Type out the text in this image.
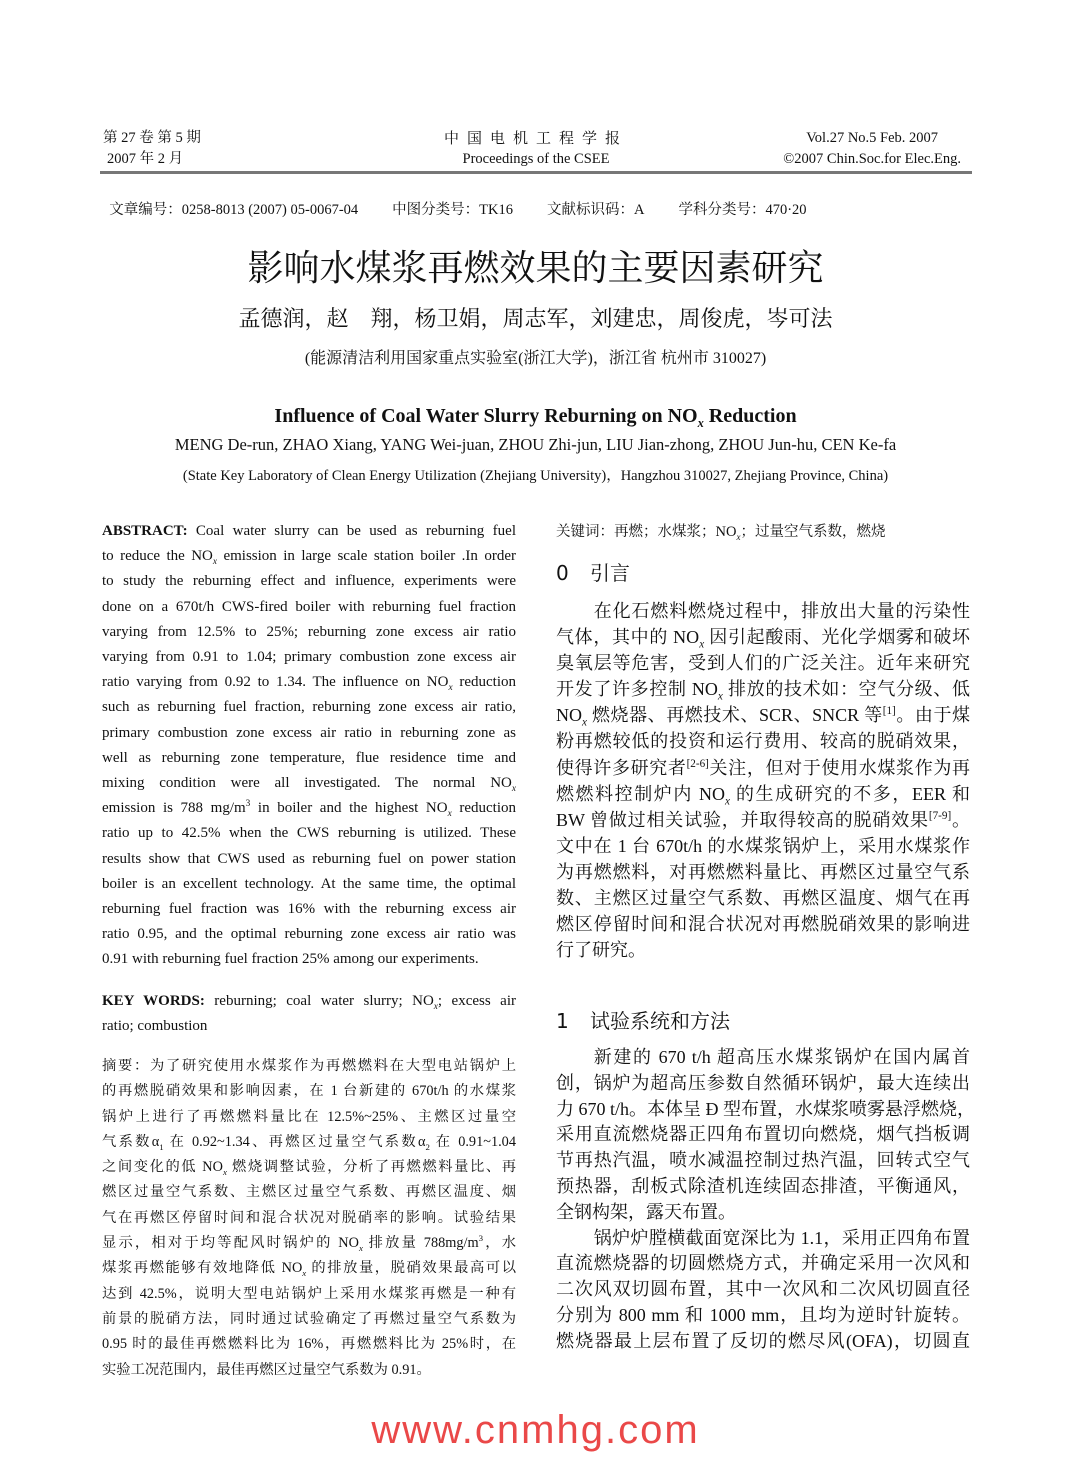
第 27 卷 第 5 期
2007 年 2 月
中国电机工程学报
Proceedings of the CSEE
Vol.27 No.5 Feb. 2007
©2007 Chin.Soc.for Elec.Eng.

文章编号：0258-8013 (2007) 05-0067-04 中图分类号：TK16 文献标识码：A 学科分类号：470·20

影响水煤浆再燃效果的主要因素研究
孟德润，赵　翔，杨卫娟，周志军，刘建忠，周俊虎，岑可法
(能源清洁利用国家重点实验室(浙江大学)，浙江省 杭州市 310027)
Influence of Coal Water Slurry Reburning on $NO_x$ Reduction
MENG De-run, ZHAO Xiang, YANG Wei-juan, ZHOU Zhi-jun, LIU Jian-zhong, ZHOU Jun-hu, CEN Ke-fa
(State Key Laboratory of Clean Energy Utilization (Zhejiang University)，Hangzhou 310027, Zhejiang Province, China)
ABSTRACT: Coal water slurry can be used as reburning fuel
to reduce the $NO_x$ emission in large scale station boiler .In order
to study the reburning effect and influence, experiments were
done on a 670t/h CWS-fired boiler with reburning fuel fraction
varying from 12.5% to 25%; reburning zone excess air ratio
varying from 0.91 to 1.04; primary combustion zone excess air
ratio varying from 0.92 to 1.34. The influence on $NO_x$ reduction
such as reburning fuel fraction, reburning zone excess air ratio,
primary combustion zone excess air ratio in reburning zone as
well as reburning zone temperature, flue residence time and
mixing condition were all investigated. The normal $NO_x$
emission is 788 $mg/m^3$ in boiler and the highest $NO_x$ reduction
ratio up to 42.5% when the CWS reburning is utilized. These
results show that CWS used as reburning fuel on power station
boiler is an excellent technology. At the same time, the optimal
reburning fuel fraction was 16% with the reburning excess air
ratio 0.95, and the optimal reburning zone excess air ratio was
0.91 with reburning fuel fraction 25% among our experiments.
KEY WORDS: reburning; coal water slurry; $NO_x$; excess air
ratio; combustion
摘要：为了研究使用水煤浆作为再燃燃料在大型电站锅炉上
的再燃脱硝效果和影响因素，在 1 台新建的 670t/h 的水煤浆
锅炉上进行了再燃燃料量比在 12.5%~25%、主燃区过量空
气系数$\alpha_1$ 在 0.92~1.34、再燃区过量空气系数$\alpha_2$ 在 0.91~1.04
之间变化的低 $NO_x$ 燃烧调整试验，分析了再燃燃料量比、再
燃区过量空气系数、主燃区过量空气系数、再燃区温度、烟
气在再燃区停留时间和混合状况对脱硝率的影响。试验结果
显示，相对于均等配风时锅炉的 $NO_x$ 排放量 $788mg/m^3$，水
煤浆再燃能够有效地降低 $NO_x$ 的排放量，脱硝效果最高可以
达到 42.5%，说明大型电站锅炉上采用水煤浆再燃是一种有
前景的脱硝方法，同时通过试验确定了再燃过量空气系数为
0.95 时的最佳再燃燃料比为 16%，再燃燃料比为 25%时，在
实验工况范围内，最佳再燃区过量空气系数为 0.91。
关键词：再燃；水煤浆；$NO_x$；过量空气系数，燃烧
0 引言
在化石燃料燃烧过程中，排放出大量的污染性
气体，其中的 $NO_x$ 因引起酸雨、光化学烟雾和破坏
臭氧层等危害，受到人们的广泛关注。近年来研究
开发了许多控制 $NO_x$ 排放的技术如：空气分级、低
$NO_x$ 燃烧器、再燃技术、SCR、SNCR 等[1]。由于煤
粉再燃较低的投资和运行费用、较高的脱硝效果，
使得许多研究者[2-6]关注，但对于使用水煤浆作为再
燃燃料控制炉内 $NO_x$ 的生成研究的不多，EER 和
BW 曾做过相关试验，并取得较高的脱硝效果[7-9]。
文中在 1 台 670t/h 的水煤浆锅炉上，采用水煤浆作
为再燃燃料，对再燃燃料量比、再燃区过量空气系
数、主燃区过量空气系数、再燃区温度、烟气在再
燃区停留时间和混合状况对再燃脱硝效果的影响进
行了研究。
1 试验系统和方法
新建的 670 t/h 超高压水煤浆锅炉在国内属首
创，锅炉为超高压参数自然循环锅炉，最大连续出
力 670 t/h。本体呈 Đ 型布置，水煤浆喷雾悬浮燃烧，
采用直流燃烧器正四角布置切向燃烧，烟气挡板调
节再热汽温，喷水减温控制过热汽温，回转式空气
预热器，刮板式除渣机连续固态排渣，平衡通风，
全钢构架，露天布置。
锅炉炉膛横截面宽深比为 1.1，采用正四角布置
直流燃烧器的切圆燃烧方式，并确定采用一次风和
二次风双切圆布置，其中一次风和二次风切圆直径
分别为 800 mm 和 1000 mm，且均为逆时针旋转。
燃烧器最上层布置了反切的燃尽风(OFA)，切圆直
www.cnmhg.com
